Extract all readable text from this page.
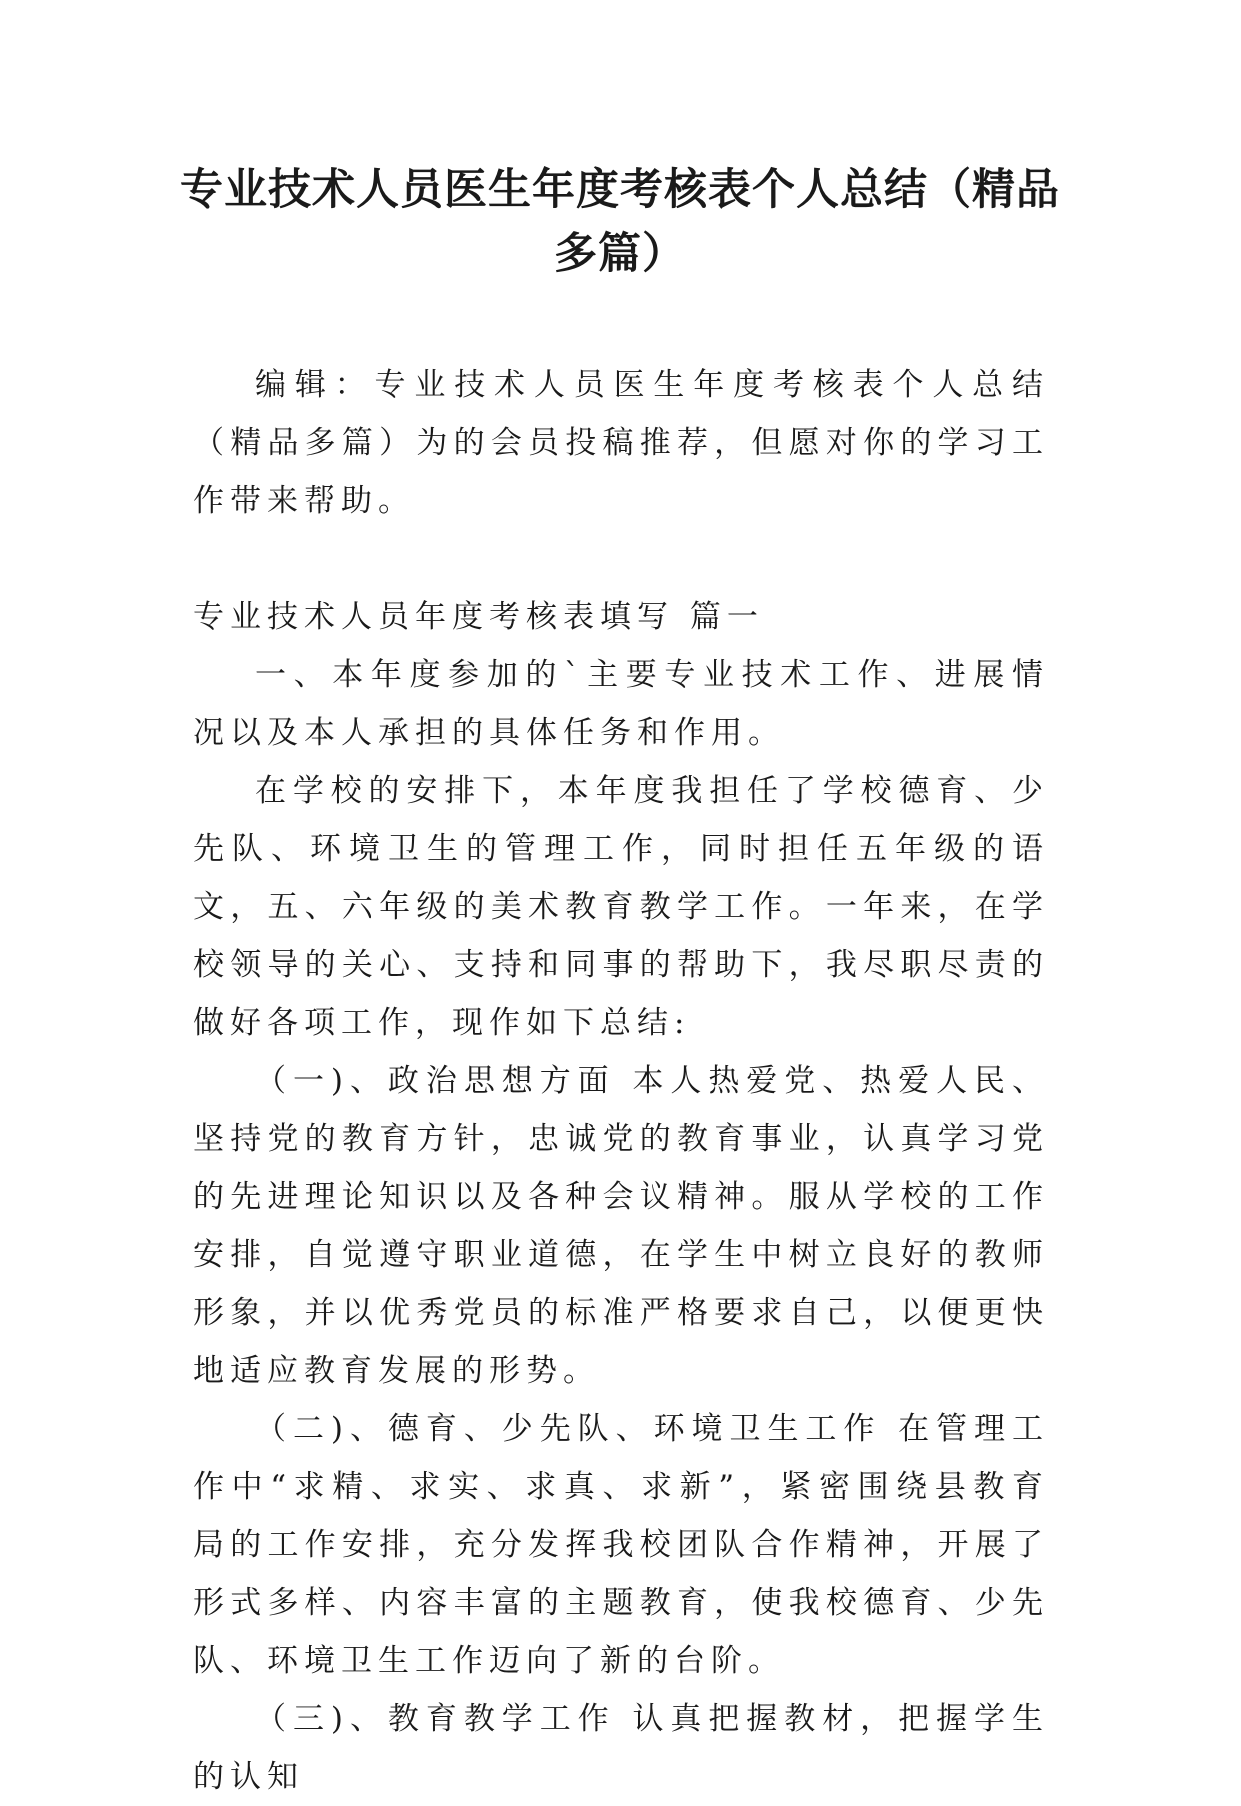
专业技术人员医生年度考核表个人总结（精品多篇）

编辑：专业技术人员医生年度考核表个人总结（精品多篇）为的会员投稿推荐，但愿对你的学习工作带来帮助。

专业技术人员年度考核表填写 篇一

一、本年度参加的`主要专业技术工作、进展情况以及本人承担的具体任务和作用。

在学校的安排下，本年度我担任了学校德育、少先队、环境卫生的管理工作，同时担任五年级的语文，五、六年级的美术教育教学工作。一年来，在学校领导的关心、支持和同事的帮助下，我尽职尽责的做好各项工作，现作如下总结:

（一)、政治思想方面 本人热爱党、热爱人民、坚持党的教育方针，忠诚党的教育事业，认真学习党的先进理论知识以及各种会议精神。服从学校的工作安排，自觉遵守职业道德，在学生中树立良好的教师形象，并以优秀党员的标准严格要求自己，以便更快地适应教育发展的形势。

（二)、德育、少先队、环境卫生工作 在管理工作中“求精、求实、求真、求新”，紧密围绕县教育局的工作安排，充分发挥我校团队合作精神，开展了形式多样、内容丰富的主题教育，使我校德育、少先队、环境卫生工作迈向了新的台阶。

（三)、教育教学工作 认真把握教材，把握学生的认知
